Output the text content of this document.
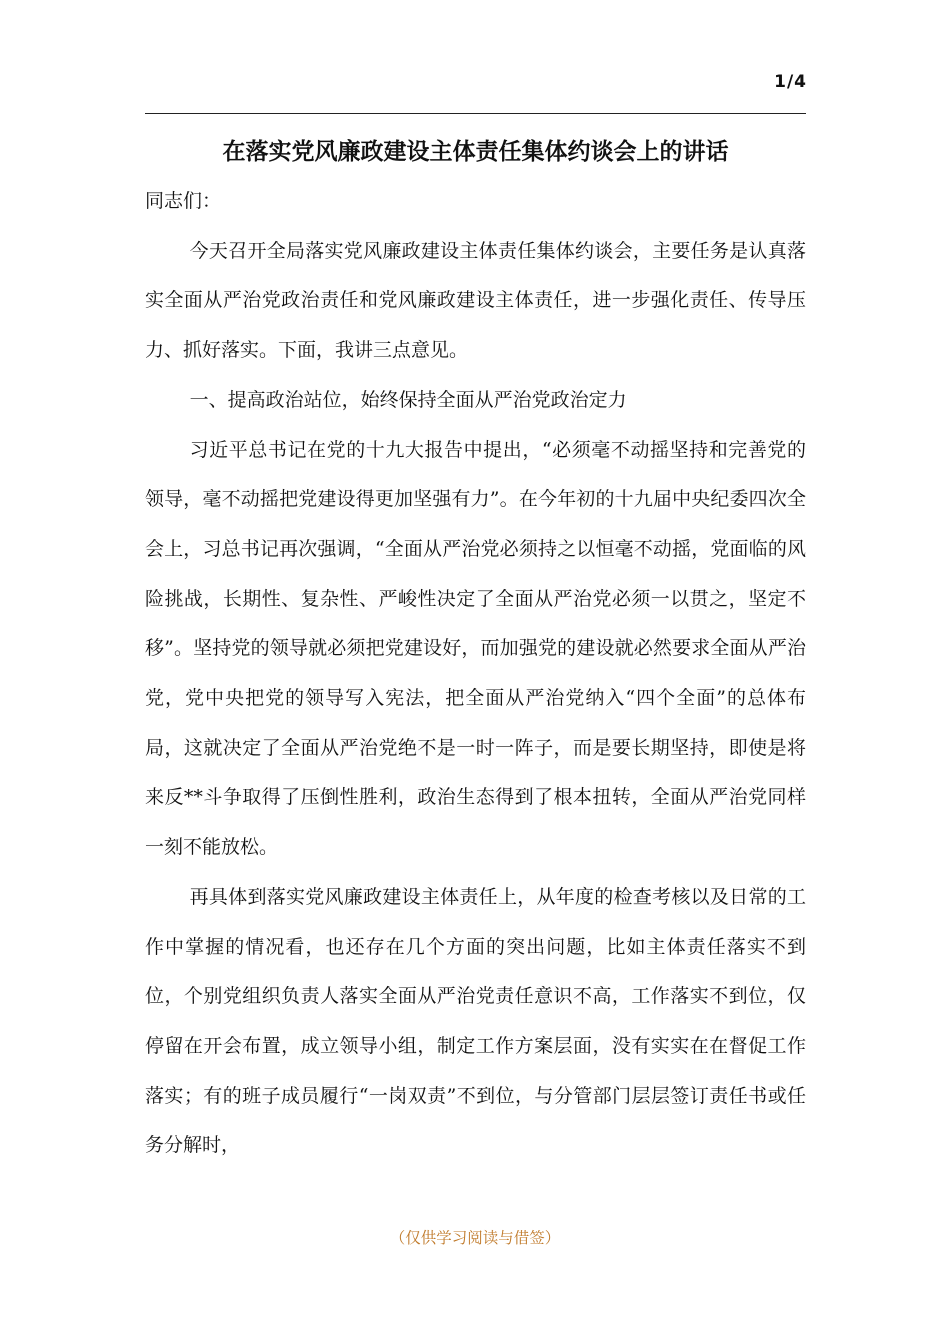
1/4
在落实党风廉政建设主体责任集体约谈会上的讲话

同志们：

今天召开全局落实党风廉政建设主体责任集体约谈会，主要任务是认真落实全面从严治党政治责任和党风廉政建设主体责任，进一步强化责任、传导压力、抓好落实。下面，我讲三点意见。

一、提高政治站位，始终保持全面从严治党政治定力

习近平总书记在党的十九大报告中提出，“必须毫不动摇坚持和完善党的领导，毫不动摇把党建设得更加坚强有力”。在今年初的十九届中央纪委四次全会上，习总书记再次强调，“全面从严治党必须持之以恒毫不动摇，党面临的风险挑战，长期性、复杂性、严峻性决定了全面从严治党必须一以贯之，坚定不移”。坚持党的领导就必须把党建设好，而加强党的建设就必然要求全面从严治党，党中央把党的领导写入宪法，把全面从严治党纳入“四个全面”的总体布局，这就决定了全面从严治党绝不是一时一阵子，而是要长期坚持，即使是将来反**斗争取得了压倒性胜利，政治生态得到了根本扭转，全面从严治党同样一刻不能放松。

再具体到落实党风廉政建设主体责任上，从年度的检查考核以及日常的工作中掌握的情况看，也还存在几个方面的突出问题，比如主体责任落实不到位，个别党组织负责人落实全面从严治党责任意识不高，工作落实不到位，仅停留在开会布置，成立领导小组，制定工作方案层面，没有实实在在督促工作落实；有的班子成员履行“一岗双责”不到位，与分管部门层层签订责任书或任务分解时，

（仅供学习阅读与借签）
